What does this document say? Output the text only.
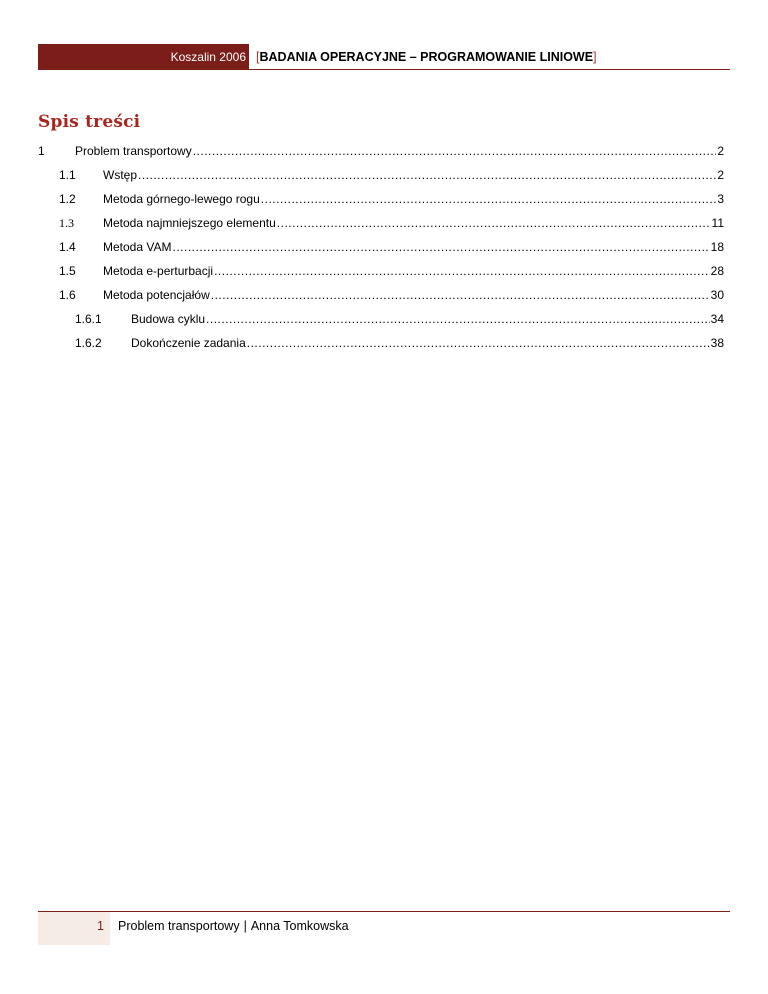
Koszalin 2006 [BADANIA OPERACYJNE – PROGRAMOWANIE LINIOWE]
Spis treści
1	Problem transportowy .....	2
1.1 Wstęp .....	2
1.2 Metoda górnego-lewego rogu .....	3
1.3 Metoda najmniejszego elementu .....	11
1.4 Metoda VAM .....	18
1.5 Metoda e-perturbacji .....	28
1.6 Metoda potencjałów .....	30
1.6.1 Budowa cyklu .....	34
1.6.2 Dokończenie zadania .....	38
1	Problem transportowy | Anna Tomkowska
